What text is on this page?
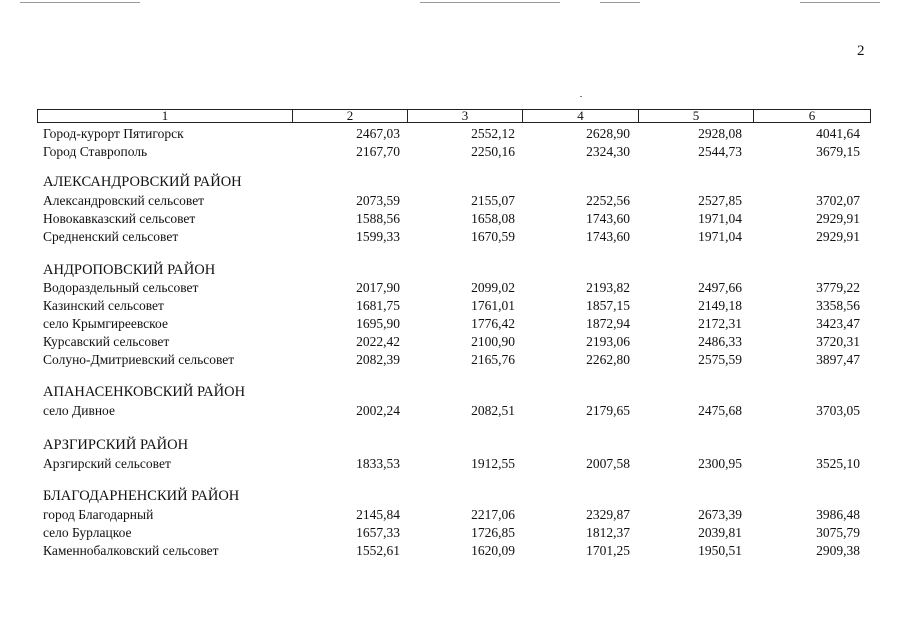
2
1	2	3	4	5	6
Город-курорт Пятигорск	2467,03	2552,12	2628,90	2928,08	4041,64
Город Ставрополь	2167,70	2250,16	2324,30	2544,73	3679,15
АЛЕКСАНДРОВСКИЙ РАЙОН
Александровский сельсовет	2073,59	2155,07	2252,56	2527,85	3702,07
Новокавказский сельсовет	1588,56	1658,08	1743,60	1971,04	2929,91
Средненский сельсовет	1599,33	1670,59	1743,60	1971,04	2929,91
АНДРОПОВСКИЙ РАЙОН
Водораздельный сельсовет	2017,90	2099,02	2193,82	2497,66	3779,22
Казинский сельсовет	1681,75	1761,01	1857,15	2149,18	3358,56
село Крымгиреевское	1695,90	1776,42	1872,94	2172,31	3423,47
Курсавский сельсовет	2022,42	2100,90	2193,06	2486,33	3720,31
Солуно-Дмитриевский сельсовет	2082,39	2165,76	2262,80	2575,59	3897,47
АПАНАСЕНКОВСКИЙ РАЙОН
село Дивное	2002,24	2082,51	2179,65	2475,68	3703,05
АРЗГИРСКИЙ РАЙОН
Арзгирский сельсовет	1833,53	1912,55	2007,58	2300,95	3525,10
БЛАГОДАРНЕНСКИЙ РАЙОН
город Благодарный	2145,84	2217,06	2329,87	2673,39	3986,48
село Бурлацкое	1657,33	1726,85	1812,37	2039,81	3075,79
Каменнобалковский сельсовет	1552,61	1620,09	1701,25	1950,51	2909,38
